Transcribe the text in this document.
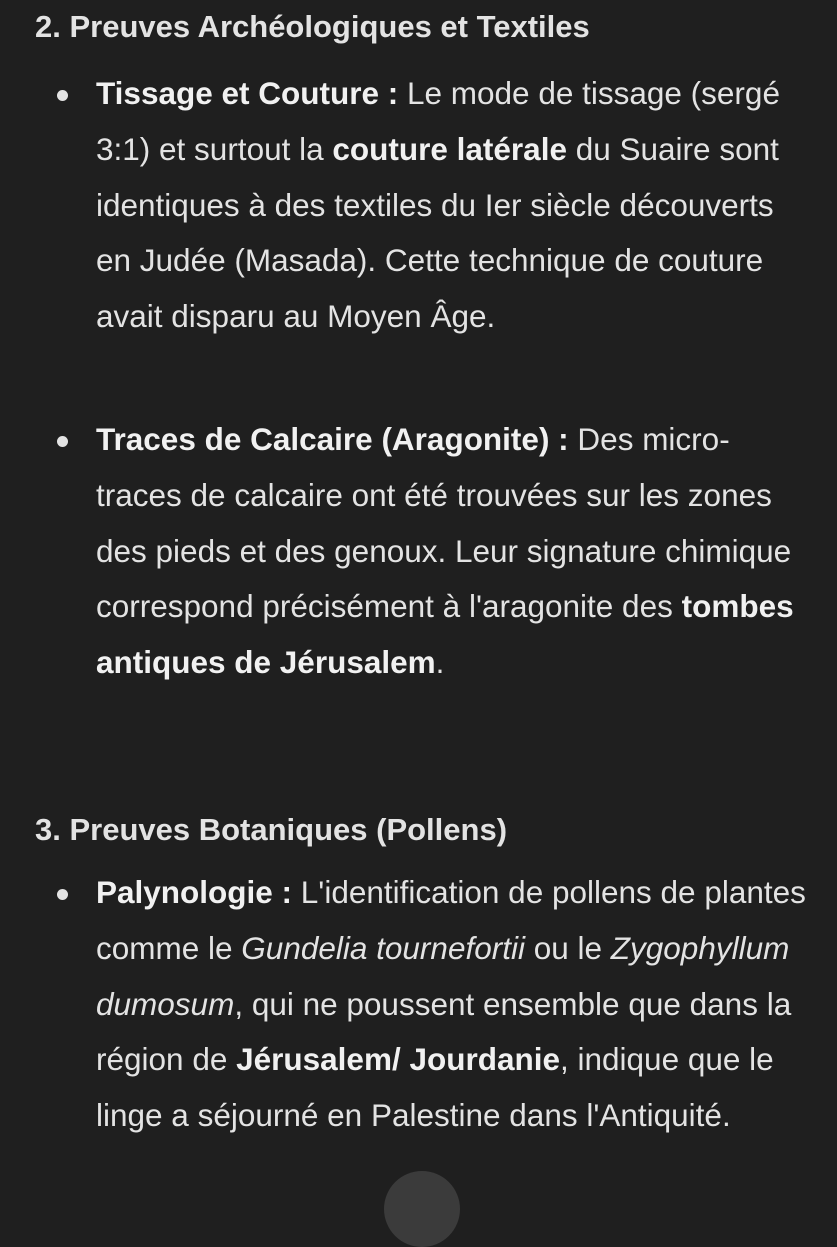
2. Preuves Archéologiques et Textiles

Tissage et Couture : Le mode de tissage (sergé 3:1) et surtout la couture latérale du Suaire sont identiques à des textiles du Ier siècle découverts en Judée (Masada). Cette technique de couture avait disparu au Moyen Âge.

Traces de Calcaire (Aragonite) : Des micro-traces de calcaire ont été trouvées sur les zones des pieds et des genoux. Leur signature chimique correspond précisément à l'aragonite des tombes antiques de Jérusalem.

3. Preuves Botaniques (Pollens)

Palynologie : L'identification de pollens de plantes comme le Gundelia tournefortii ou le Zygophyllum dumosum, qui ne poussent ensemble que dans la région de Jérusalem/ Jourdanie, indique que le linge a séjourné en Palestine dans l'Antiquité.
